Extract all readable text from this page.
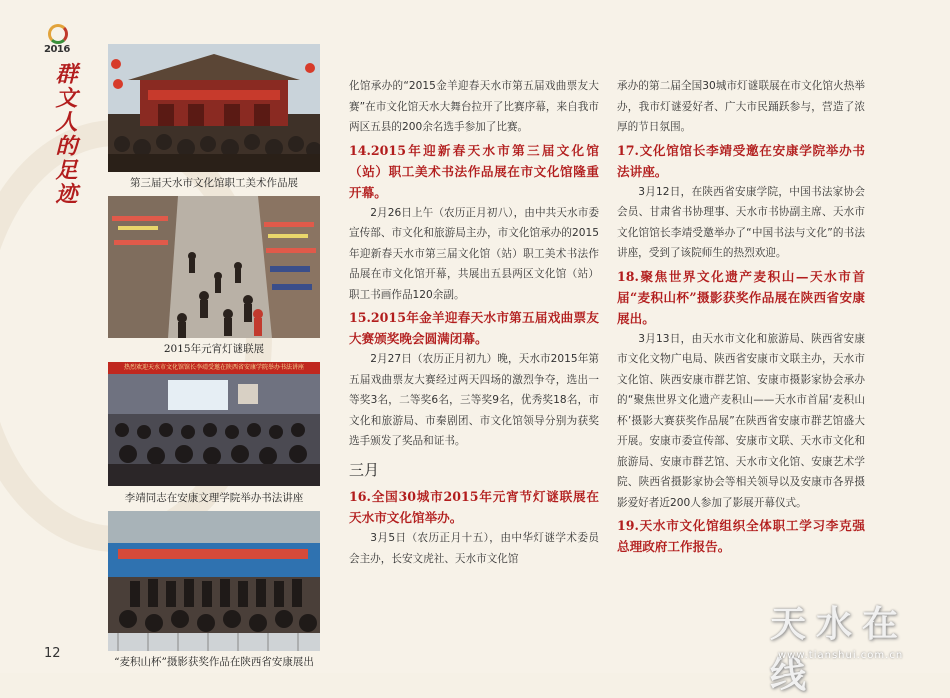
2016
群文人的足迹	第三届天水市文化馆职工美术作品展
2015年元宵灯谜联展
热烈欢迎天水市文化馆馆长李靖受邀在陕西省安康学院举办书法讲座
李靖同志在安康文理学院举办书法讲座
“麦积山杯”摄影获奖作品在陕西省安康展出
12

化馆承办的“2015金羊迎春天水市第五届戏曲票友大赛”在市文化馆天水大舞台拉开了比赛序幕，来自我市两区五县的200余名选手参加了比赛。

14.2015年迎新春天水市第三届文化馆（站）职工美术书法作品展在市文化馆隆重开幕。

2月26日上午（农历正月初八），由中共天水市委宣传部、市文化和旅游局主办，市文化馆承办的2015年迎新春天水市第三届文化馆（站）职工美术书法作品展在市文化馆开幕，共展出五县两区文化馆（站）职工书画作品120余副。

15.2015年金羊迎春天水市第五届戏曲票友大赛颁奖晚会圆满闭幕。

2月27日（农历正月初九）晚，天水市2015年第五届戏曲票友大赛经过两天四场的激烈争夺，选出一等奖3名，二等奖6名，三等奖9名，优秀奖18名，市文化和旅游局、市秦剧团、市文化馆领导分别为获奖选手颁发了奖品和证书。

三月
16.全国30城市2015年元宵节灯谜联展在天水市文化馆举办。

3月5日（农历正月十五），由中华灯谜学术委员会主办，长安文虎社、天水市文化馆

承办的第二届全国30城市灯谜联展在市文化馆火热举办，我市灯谜爱好者、广大市民踊跃参与，营造了浓厚的节日氛围。

17.文化馆馆长李靖受邀在安康学院举办书法讲座。

3月12日，在陕西省安康学院，中国书法家协会会员、甘肃省书协理事、天水市书协副主席、天水市文化馆馆长李靖受邀举办了“中国书法与文化”的书法讲座，受到了该院师生的热烈欢迎。

18.聚焦世界文化遗产麦积山—天水市首届“麦积山杯”摄影获奖作品展在陕西省安康展出。

3月13日，由天水市文化和旅游局、陕西省安康市文化文物广电局、陕西省安康市文联主办，天水市文化馆、陕西安康市群艺馆、安康市摄影家协会承办的“聚焦世界文化遗产麦积山——天水市首届‘麦积山杯’摄影大赛获奖作品展”在陕西省安康市群艺馆盛大开展。安康市委宣传部、安康市文联、天水市文化和旅游局、安康市群艺馆、天水市文化馆、安康艺术学院、陕西省摄影家协会等相关领导以及安康市各界摄影爱好者近200人参加了影展开幕仪式。

19.天水市文化馆组织全体职工学习李克强总理政府工作报告。
天水在线
www.tianshui.com.cn
